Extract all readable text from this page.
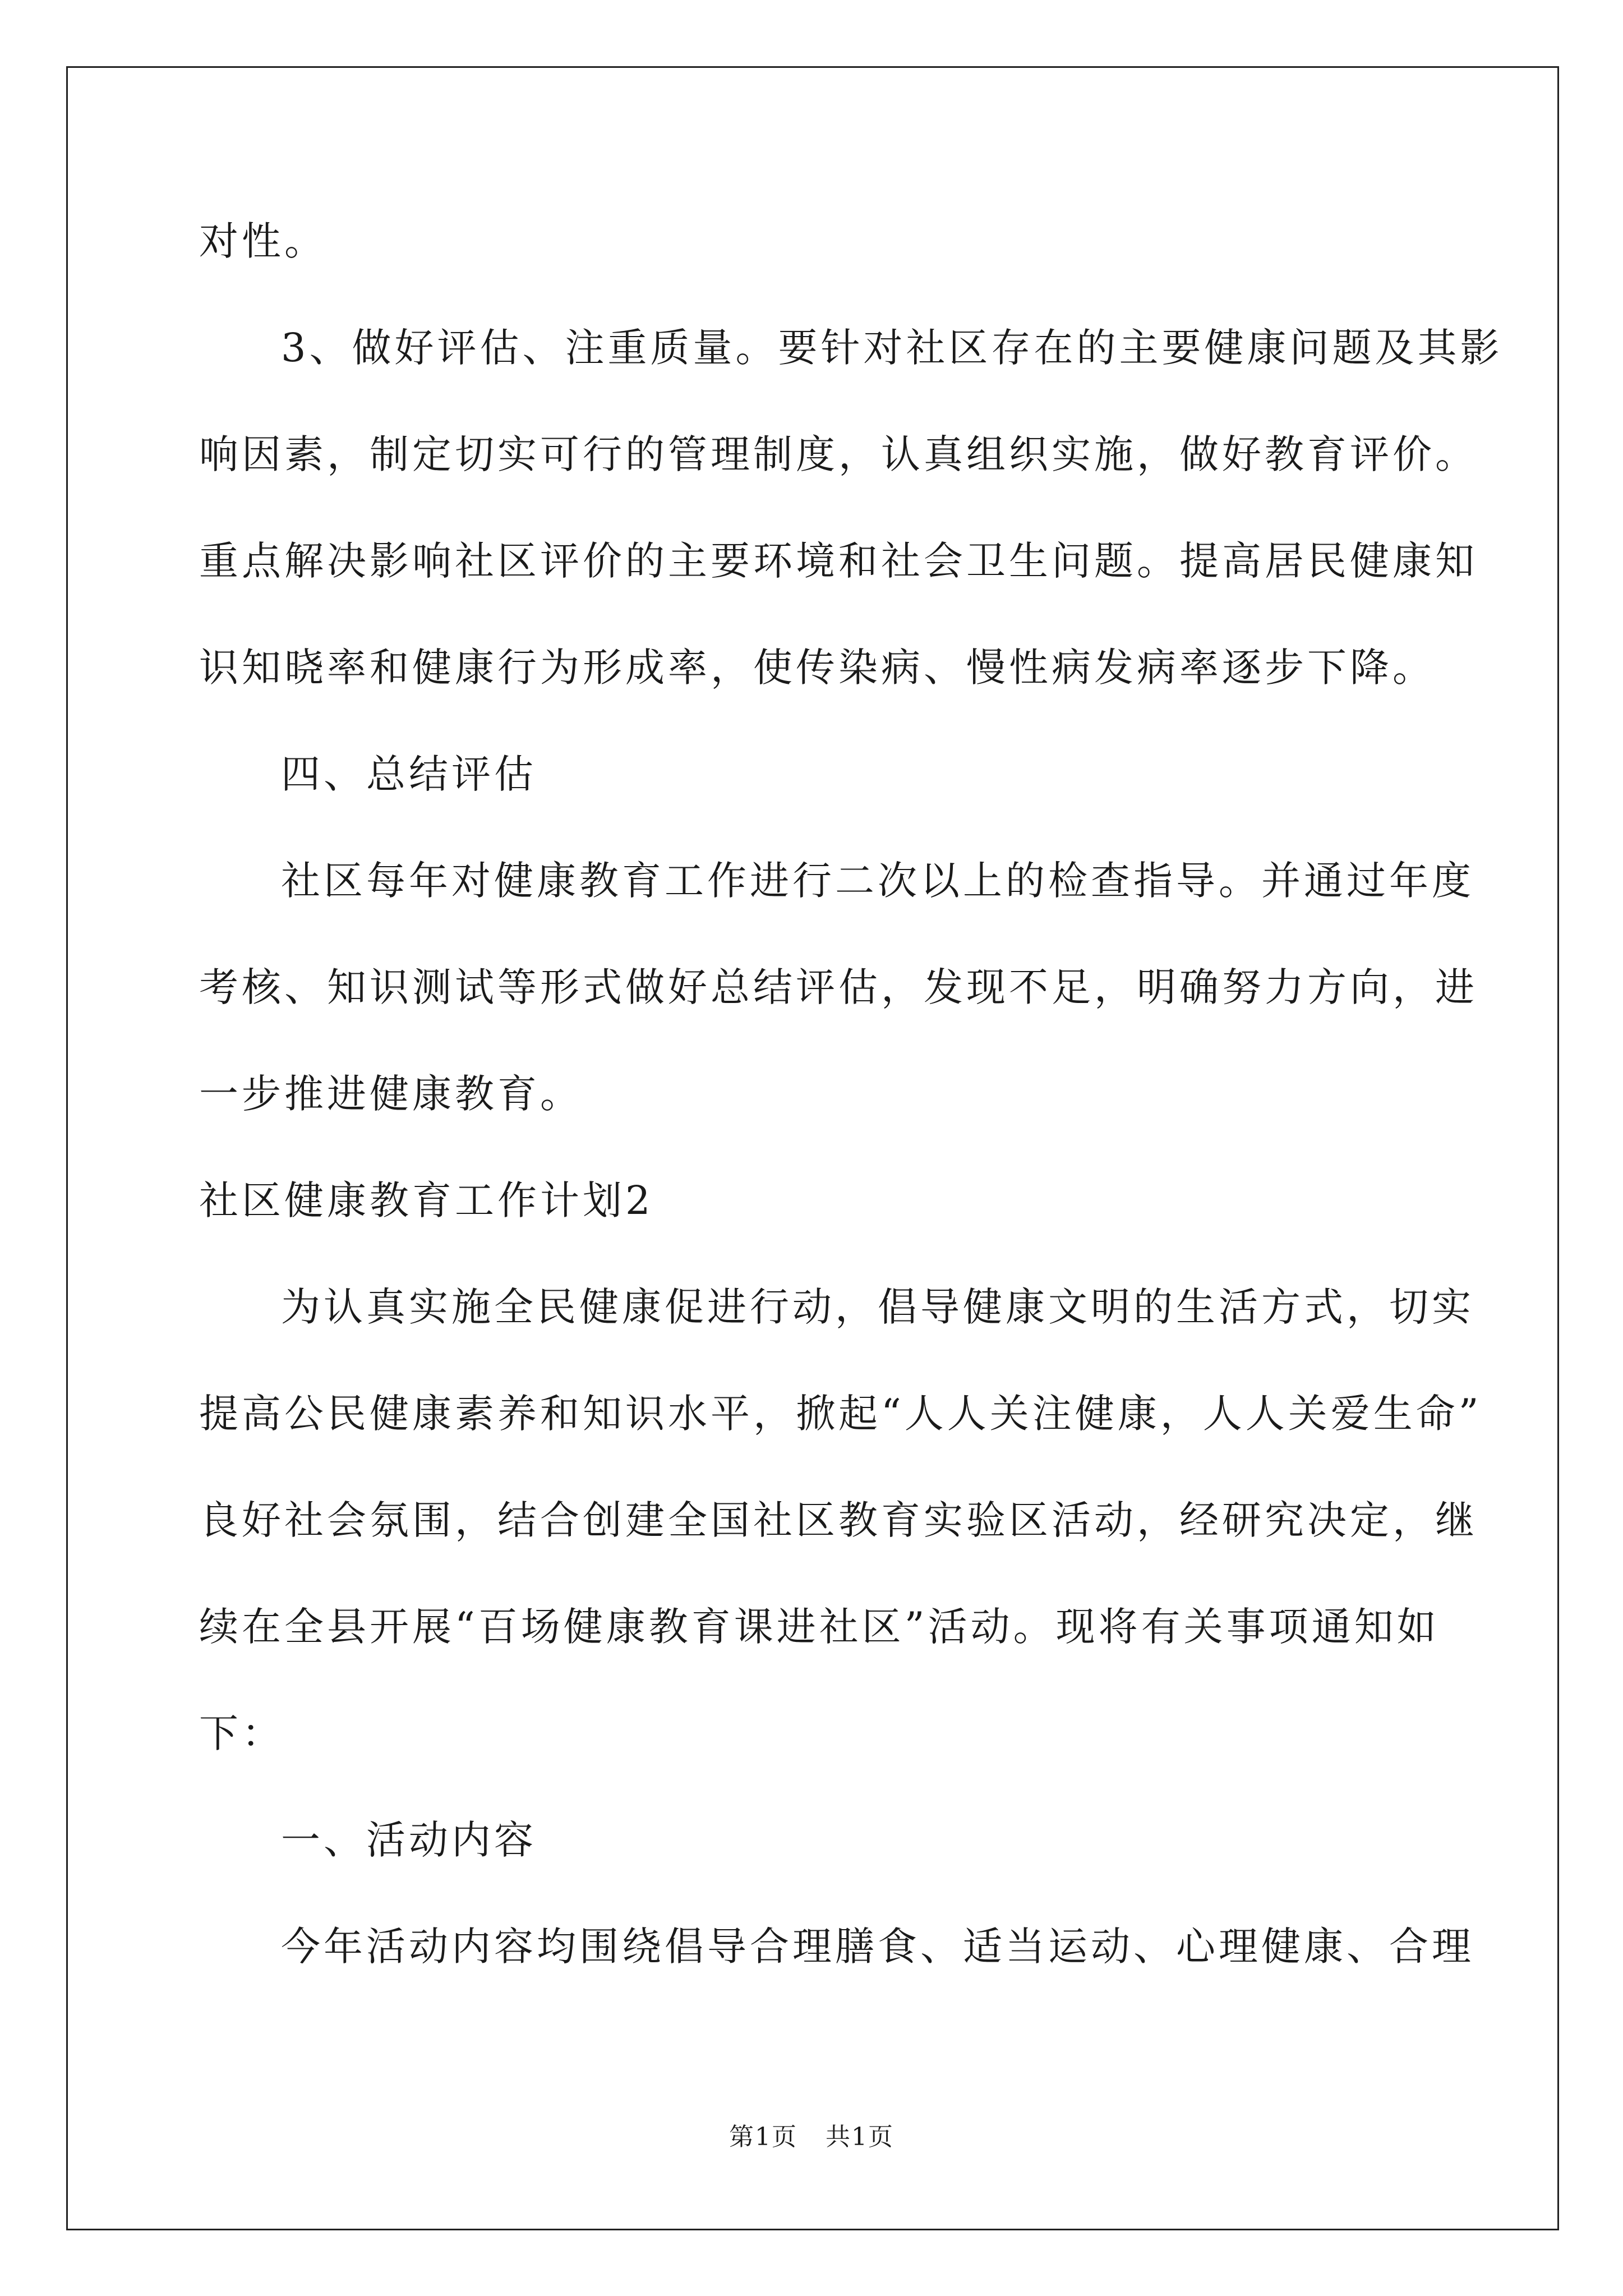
对性。

3、做好评估、注重质量。要针对社区存在的主要健康问题及其影

响因素，制定切实可行的管理制度，认真组织实施，做好教育评价。

重点解决影响社区评价的主要环境和社会卫生问题。提高居民健康知

识知晓率和健康行为形成率，使传染病、慢性病发病率逐步下降。

四、总结评估

社区每年对健康教育工作进行二次以上的检查指导。并通过年度

考核、知识测试等形式做好总结评估，发现不足，明确努力方向，进

一步推进健康教育。

社区健康教育工作计划2

为认真实施全民健康促进行动，倡导健康文明的生活方式，切实

提高公民健康素养和知识水平，掀起“人人关注健康，人人关爱生命”

良好社会氛围，结合创建全国社区教育实验区活动，经研究决定，继

续在全县开展“百场健康教育课进社区”活动。现将有关事项通知如

下：

一、活动内容

今年活动内容均围绕倡导合理膳食、适当运动、心理健康、合理

第1页 共1页
